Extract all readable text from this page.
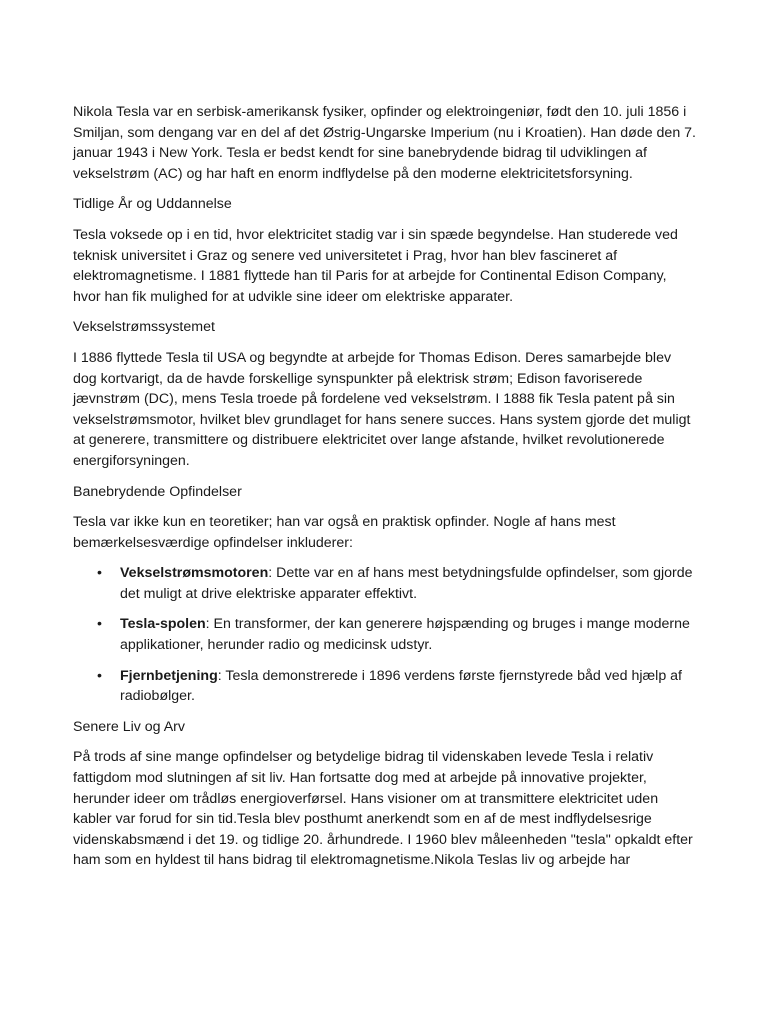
Nikola Tesla var en serbisk-amerikansk fysiker, opfinder og elektroingeniør, født den 10. juli 1856 i Smiljan, som dengang var en del af det Østrig-Ungarske Imperium (nu i Kroatien). Han døde den 7. januar 1943 i New York. Tesla er bedst kendt for sine banebrydende bidrag til udviklingen af vekselstrøm (AC) og har haft en enorm indflydelse på den moderne elektricitetsforsyning.

Tidlige År og Uddannelse

Tesla voksede op i en tid, hvor elektricitet stadig var i sin spæde begyndelse. Han studerede ved teknisk universitet i Graz og senere ved universitetet i Prag, hvor han blev fascineret af elektromagnetisme. I 1881 flyttede han til Paris for at arbejde for Continental Edison Company, hvor han fik mulighed for at udvikle sine ideer om elektriske apparater.

Vekselstrømssystemet

I 1886 flyttede Tesla til USA og begyndte at arbejde for Thomas Edison. Deres samarbejde blev dog kortvarigt, da de havde forskellige synspunkter på elektrisk strøm; Edison favoriserede jævnstrøm (DC), mens Tesla troede på fordelene ved vekselstrøm. I 1888 fik Tesla patent på sin vekselstrømsmotor, hvilket blev grundlaget for hans senere succes. Hans system gjorde det muligt at generere, transmittere og distribuere elektricitet over lange afstande, hvilket revolutionerede energiforsyningen.

Banebrydende Opfindelser

Tesla var ikke kun en teoretiker; han var også en praktisk opfinder. Nogle af hans mest bemærkelsesværdige opfindelser inkluderer:

• Vekselstrømsmotoren: Dette var en af hans mest betydningsfulde opfindelser, som gjorde det muligt at drive elektriske apparater effektivt.
• Tesla-spolen: En transformer, der kan generere højspænding og bruges i mange moderne applikationer, herunder radio og medicinsk udstyr.
• Fjernbetjening: Tesla demonstrerede i 1896 verdens første fjernstyrede båd ved hjælp af radiobølger.
Senere Liv og Arv

På trods af sine mange opfindelser og betydelige bidrag til videnskaben levede Tesla i relativ fattigdom mod slutningen af sit liv. Han fortsatte dog med at arbejde på innovative projekter, herunder ideer om trådløs energioverførsel. Hans visioner om at transmittere elektricitet uden kabler var forud for sin tid.Tesla blev posthumt anerkendt som en af de mest indflydelsesrige videnskabsmænd i det 19. og tidlige 20. århundrede. I 1960 blev måleenheden "tesla" opkaldt efter ham som en hyldest til hans bidrag til elektromagnetisme.Nikola Teslas liv og arbejde har
